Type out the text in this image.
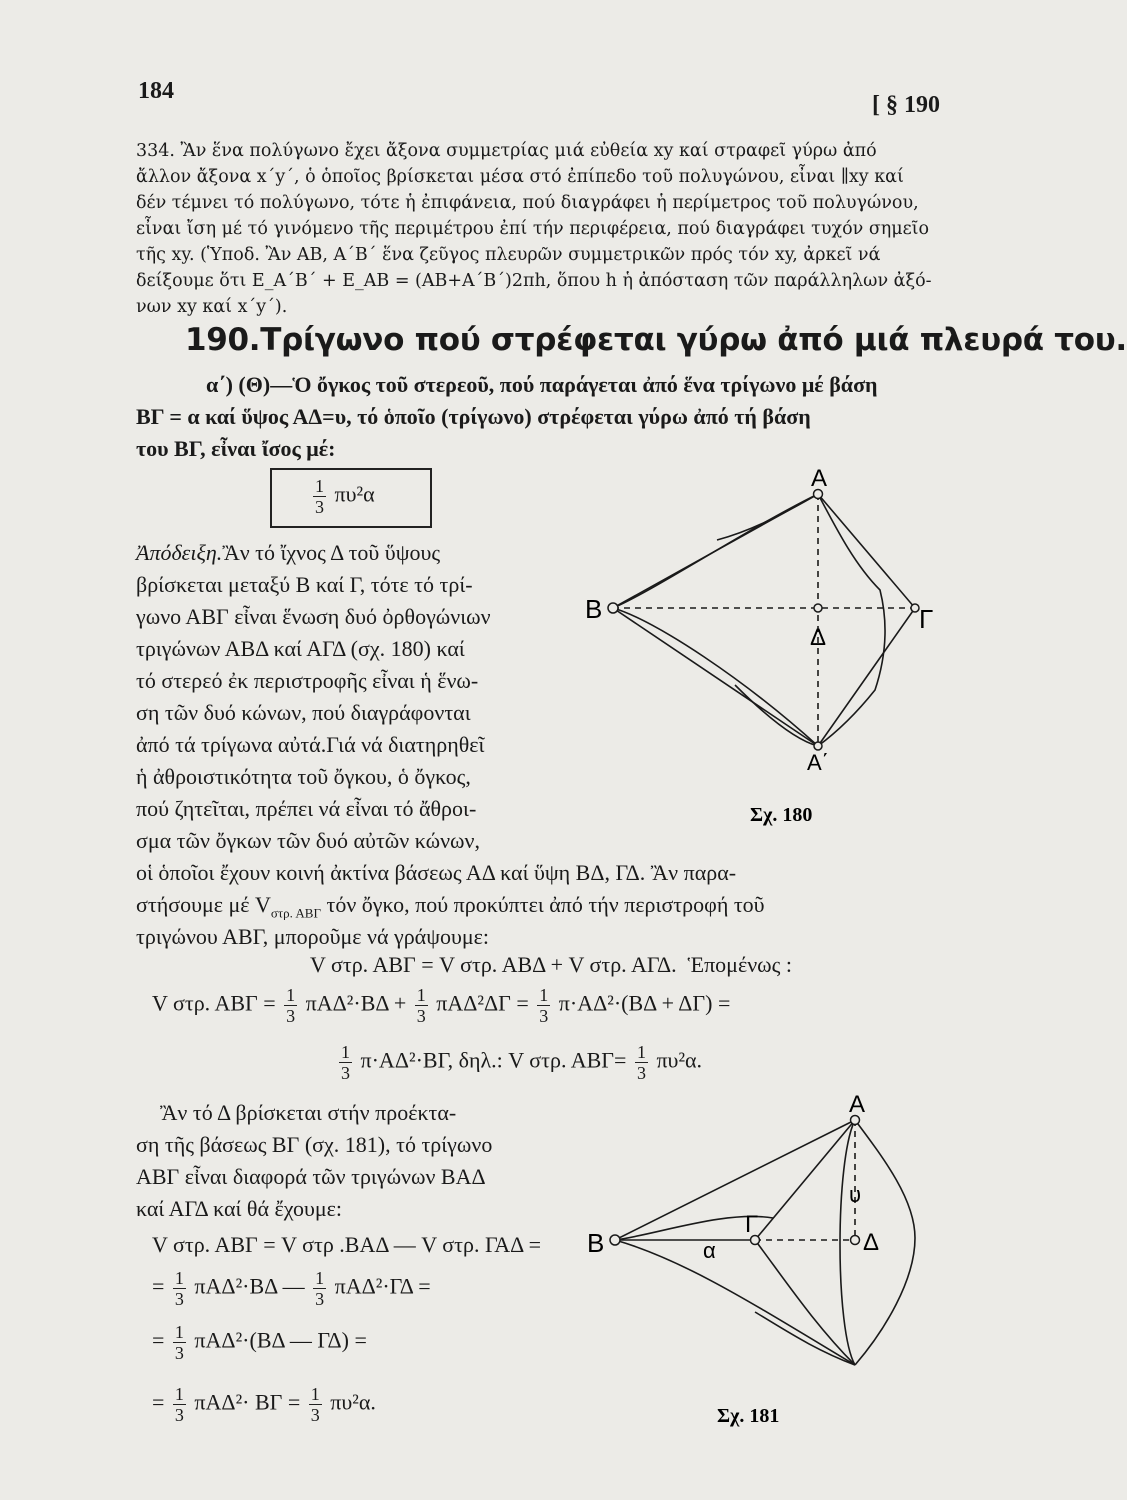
184
[ § 190

334. Ἂν ἕνα πολύγωνο ἔχει ἄξονα συμμετρίας μιά εὐθεία xy καί στραφεῖ γύρω ἀπό

ἄλλον ἄξονα x΄y΄, ὁ ὁποῖος βρίσκεται μέσα στό ἐπίπεδο τοῦ πολυγώνου, εἶναι ∥xy καί

δέν τέμνει τό πολύγωνο, τότε ἡ ἐπιφάνεια, πού διαγράφει ἡ περίμετρος τοῦ πολυγώνου,

εἶναι ἴση μέ τό γινόμενο τῆς περιμέτρου ἐπί τήν περιφέρεια, πού διαγράφει τυχόν σημεῖο

τῆς xy. (Ὑποδ. Ἂν AB, A΄B΄ ἕνα ζεῦγος πλευρῶν συμμετρικῶν πρός τόν xy, ἀρκεῖ νά

δείξουμε ὅτι E_A΄B΄ + E_AB = (AB+A΄B΄)2πh, ὅπου h ἡ ἀπόσταση τῶν παράλληλων ἀξό-

νων xy καί x΄y΄).

190.Τρίγωνο πού στρέφεται γύρω ἀπό μιά πλευρά του.
α΄) (Θ)—Ὁ ὄγκος τοῦ στερεοῦ, πού παράγεται ἀπό ἕνα τρίγωνο μέ βάση
ΒΓ = α καί ὕψος ΑΔ=υ, τό ὁποῖο (τρίγωνο) στρέφεται γύρω ἀπό τή βάση
του ΒΓ, εἶναι ἴσος μέ:
$\frac{1}{3} \pi\upsilon^2\alpha$
Ἀπόδειξη.Ἂν τό ἴχνος Δ τοῦ ὕψους
βρίσκεται μεταξύ Β καί Γ, τότε τό τρί-
γωνο ΑΒΓ εἶναι ἕνωση δυό ὀρθογώνιων
τριγώνων ΑΒΔ καί ΑΓΔ (σχ. 180) καί
τό στερεό ἐκ περιστροφῆς εἶναι ἡ ἕνω-
ση τῶν δυό κώνων, πού διαγράφονται
ἀπό τά τρίγωνα αὐτά.Γιά νά διατηρηθεῖ
ἡ ἀθροιστικότητα τοῦ ὄγκου, ὁ ὄγκος,
πού ζητεῖται, πρέπει νά εἶναι τό ἄθροι-
σμα τῶν ὄγκων τῶν δυό αὐτῶν κώνων,
οἱ ὁποῖοι ἔχουν κοινή ἀκτίνα βάσεως ΑΔ καί ὕψη ΒΔ, ΓΔ. Ἂν παρα-
στήσουμε μέ $V_{\sigma\tau\rho. AB\Gamma}$ τόν ὄγκο, πού προκύπτει ἀπό τήν περιστροφή τοῦ
τριγώνου ΑΒΓ, μποροῦμε νά γράψουμε:
V στρ. ΑΒΓ = V στρ. ΑΒΔ + V στρ. ΑΓΔ. Ἑπομένως :
V στρ. $AB\Gamma = \frac{1}{3} \pi A\Delta^2\cdot B\Delta + \frac{1}{3} \pi A\Delta^2\Delta\Gamma = \frac{1}{3} \pi\cdot A\Delta^2\cdot(B\Delta + \Delta\Gamma)$ =
$\frac{1}{3} \pi\cdot A\Delta^2\cdot B\Gamma$, δηλ.: V στρ. $AB\Gamma= \frac{1}{3} \pi\upsilon^2\alpha$.
Ἂν τό Δ βρίσκεται στήν προέκτα-
ση τῆς βάσεως ΒΓ (σχ. 181), τό τρίγωνο
ΑΒΓ εἶναι διαφορά τῶν τριγώνων ΒΑΔ
καί ΑΓΔ καί θά ἔχουμε:
V στρ. ΑΒΓ = V στρ .ΒΑΔ — V στρ. ΓΑΔ =
= $\frac{1}{3} \pi A\Delta^2\cdot B\Delta$ — $\frac{1}{3} \pi A\Delta^2\cdot\Gamma\Delta$ =
= $\frac{1}{3} \pi A\Delta^2\cdot(B\Delta$ — ΓΔ) =
= $\frac{1}{3} \pi A\Delta^2\cdot B\Gamma = \frac{1}{3} \pi\upsilon^2\alpha$.
Α
Β	Γ
Δ
Α΄
Σχ. 180
Α
Β
Γ
Δ
α
υ
Σχ. 181
